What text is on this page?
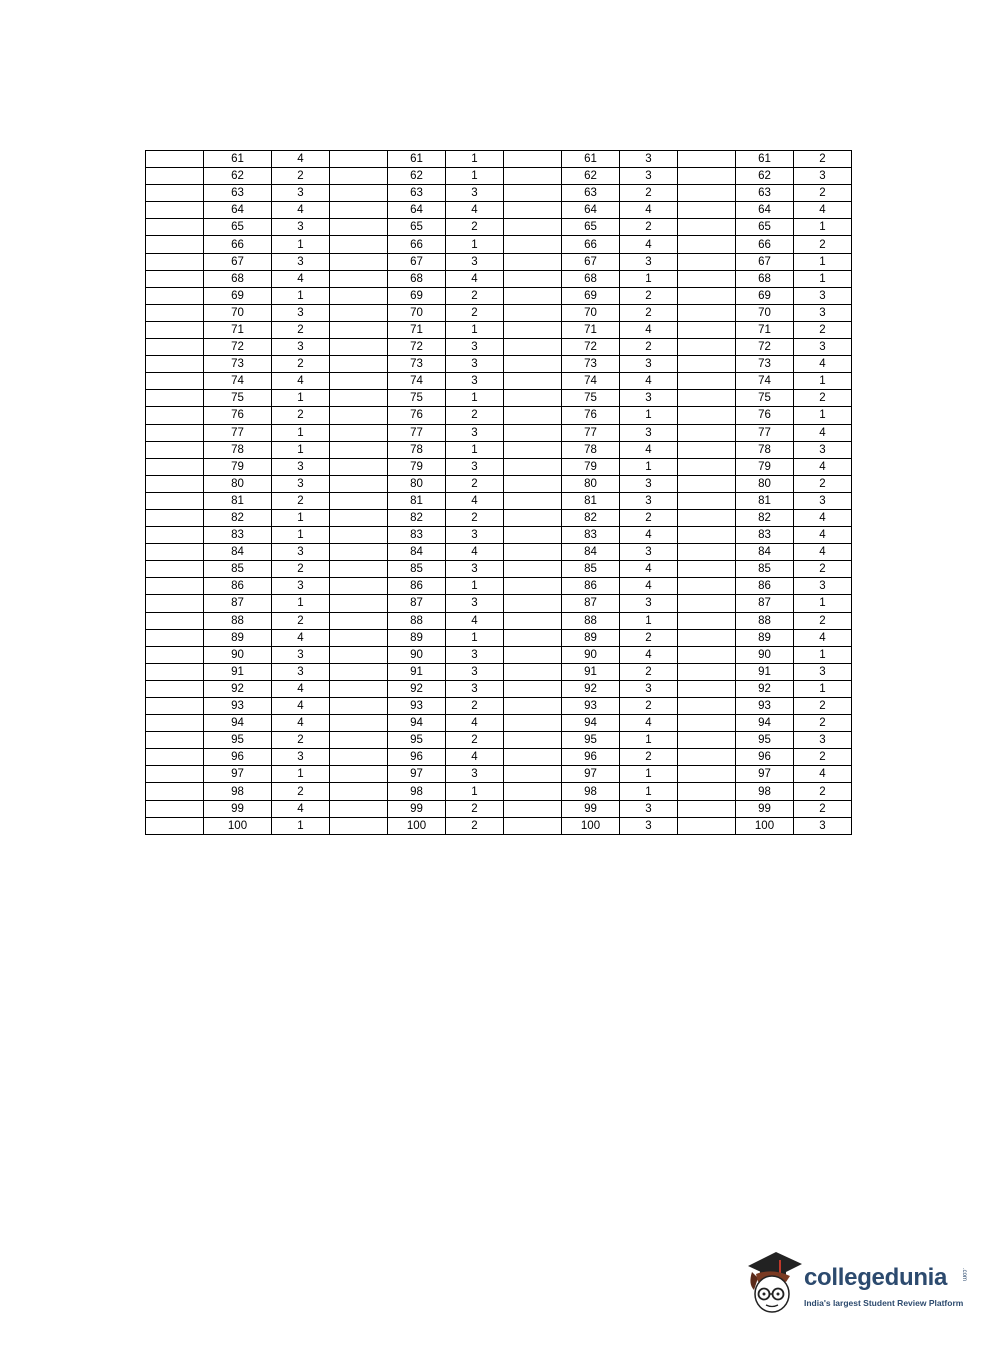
	61	4		61	1		61	3		61	2
	62	2		62	1		62	3		62	3
	63	3		63	3		63	2		63	2
	64	4		64	4		64	4		64	4
	65	3		65	2		65	2		65	1
	66	1		66	1		66	4		66	2
	67	3		67	3		67	3		67	1
	68	4		68	4		68	1		68	1
	69	1		69	2		69	2		69	3
	70	3		70	2		70	2		70	3
	71	2		71	1		71	4		71	2
	72	3		72	3		72	2		72	3
	73	2		73	3		73	3		73	4
	74	4		74	3		74	4		74	1
	75	1		75	1		75	3		75	2
	76	2		76	2		76	1		76	1
	77	1		77	3		77	3		77	4
	78	1		78	1		78	4		78	3
	79	3		79	3		79	1		79	4
	80	3		80	2		80	3		80	2
	81	2		81	4		81	3		81	3
	82	1		82	2		82	2		82	4
	83	1		83	3		83	4		83	4
	84	3		84	4		84	3		84	4
	85	2		85	3		85	4		85	2
	86	3		86	1		86	4		86	3
	87	1		87	3		87	3		87	1
	88	2		88	4		88	1		88	2
	89	4		89	1		89	2		89	4
	90	3		90	3		90	4		90	1
	91	3		91	3		91	2		91	3
	92	4		92	3		92	3		92	1
	93	4		93	2		93	2		93	2
	94	4		94	4		94	4		94	2
	95	2		95	2		95	1		95	3
	96	3		96	4		96	2		96	2
	97	1		97	3		97	1		97	4
	98	2		98	1		98	1		98	2
	99	4		99	2		99	3		99	2
	100	1		100	2		100	3		100	3
collegedunia .com
India's largest Student Review Platform
